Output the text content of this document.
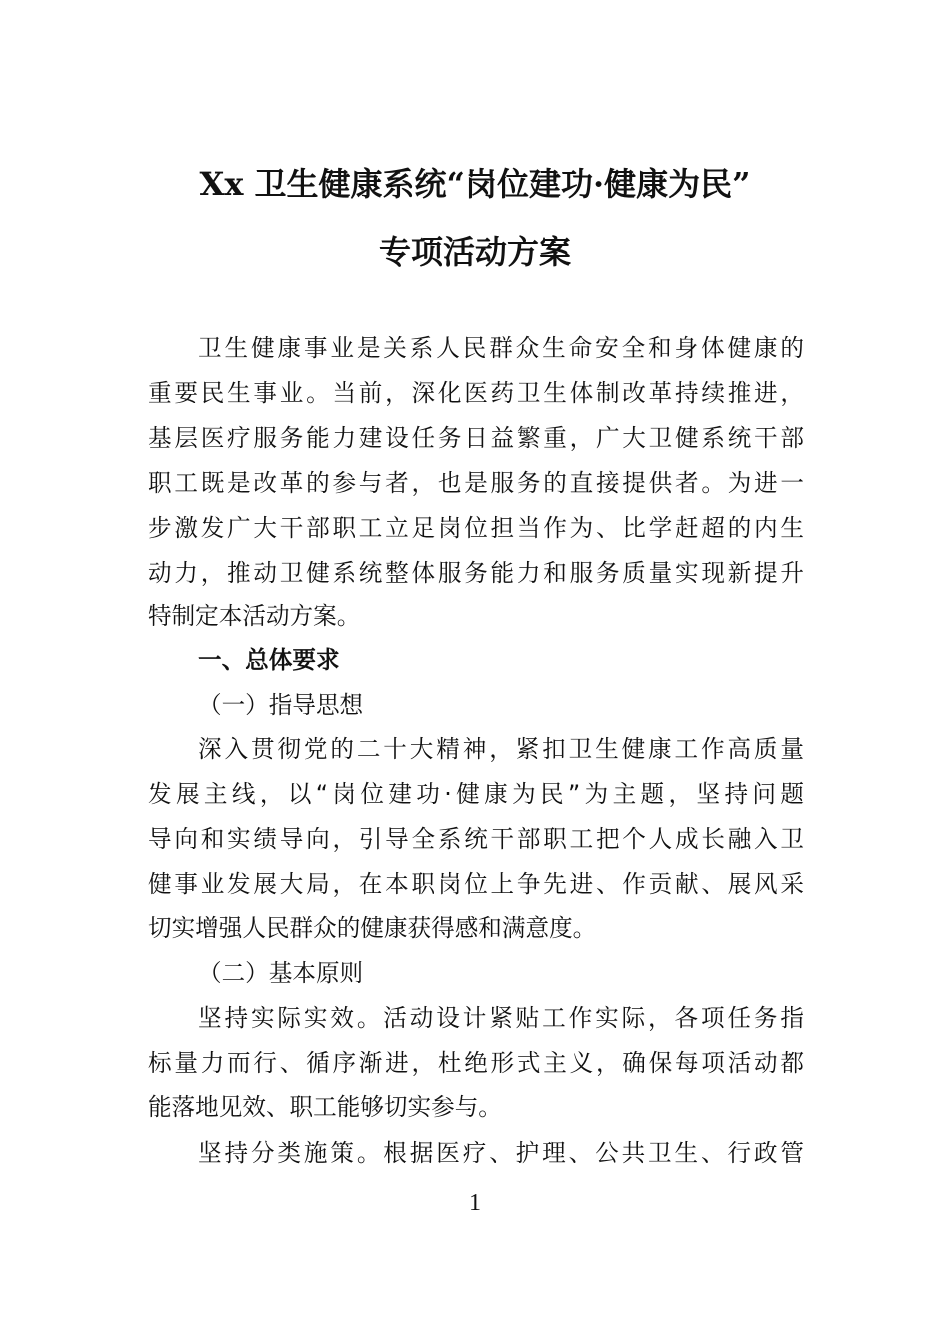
Xx 卫生健康系统“岗位建功·健康为民”
专项活动方案
卫生健康事业是关系人民群众生命安全和身体健康的
重要民生事业。当前，深化医药卫生体制改革持续推进，
基层医疗服务能力建设任务日益繁重，广大卫健系统干部
职工既是改革的参与者，也是服务的直接提供者。为进一
步激发广大干部职工立足岗位担当作为、比学赶超的内生
动力，推动卫健系统整体服务能力和服务质量实现新提升
特制定本活动方案。
一、总体要求
（一）指导思想
深入贯彻党的二十大精神，紧扣卫生健康工作高质量
发展主线，以“岗位建功·健康为民”为主题，坚持问题
导向和实绩导向，引导全系统干部职工把个人成长融入卫
健事业发展大局，在本职岗位上争先进、作贡献、展风采
切实增强人民群众的健康获得感和满意度。
（二）基本原则
坚持实际实效。活动设计紧贴工作实际，各项任务指
标量力而行、循序渐进，杜绝形式主义，确保每项活动都
能落地见效、职工能够切实参与。
坚持分类施策。根据医疗、护理、公共卫生、行政管
1
